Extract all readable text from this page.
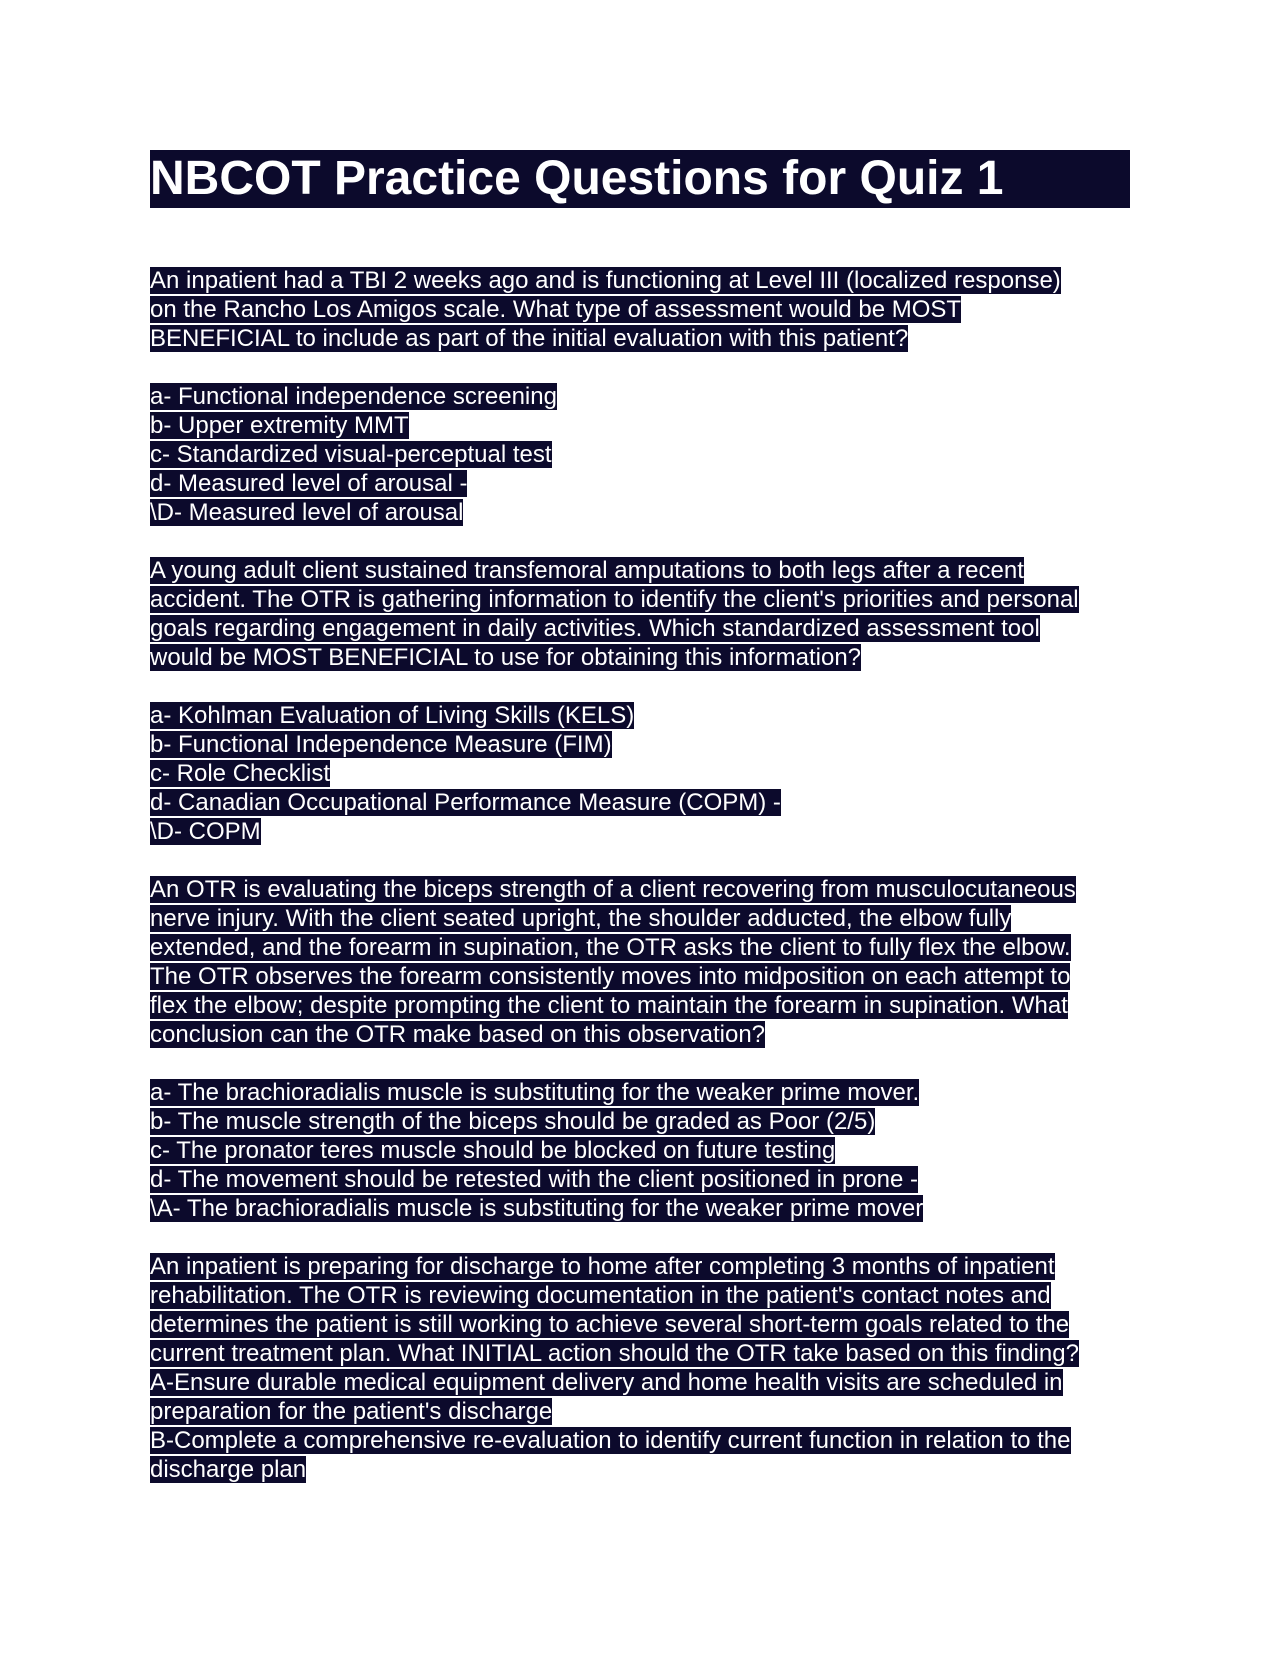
NBCOT Practice Questions for Quiz 1
An inpatient had a TBI 2 weeks ago and is functioning at Level III (localized response)
on the Rancho Los Amigos scale. What type of assessment would be MOST
BENEFICIAL to include as part of the initial evaluation with this patient?
a- Functional independence screening
b- Upper extremity MMT
c- Standardized visual-perceptual test
d- Measured level of arousal -
\D- Measured level of arousal
A young adult client sustained transfemoral amputations to both legs after a recent
accident. The OTR is gathering information to identify the client's priorities and personal
goals regarding engagement in daily activities. Which standardized assessment tool
would be MOST BENEFICIAL to use for obtaining this information?
a- Kohlman Evaluation of Living Skills (KELS)
b- Functional Independence Measure (FIM)
c- Role Checklist
d- Canadian Occupational Performance Measure (COPM) -
\D- COPM
An OTR is evaluating the biceps strength of a client recovering from musculocutaneous
nerve injury. With the client seated upright, the shoulder adducted, the elbow fully
extended, and the forearm in supination, the OTR asks the client to fully flex the elbow.
The OTR observes the forearm consistently moves into midposition on each attempt to
flex the elbow; despite prompting the client to maintain the forearm in supination. What
conclusion can the OTR make based on this observation?
a- The brachioradialis muscle is substituting for the weaker prime mover.
b- The muscle strength of the biceps should be graded as Poor (2/5)
c- The pronator teres muscle should be blocked on future testing
d- The movement should be retested with the client positioned in prone -
\A- The brachioradialis muscle is substituting for the weaker prime mover
An inpatient is preparing for discharge to home after completing 3 months of inpatient
rehabilitation. The OTR is reviewing documentation in the patient's contact notes and
determines the patient is still working to achieve several short-term goals related to the
current treatment plan. What INITIAL action should the OTR take based on this finding?
A-Ensure durable medical equipment delivery and home health visits are scheduled in
preparation for the patient's discharge
B-Complete a comprehensive re-evaluation to identify current function in relation to the
discharge plan
